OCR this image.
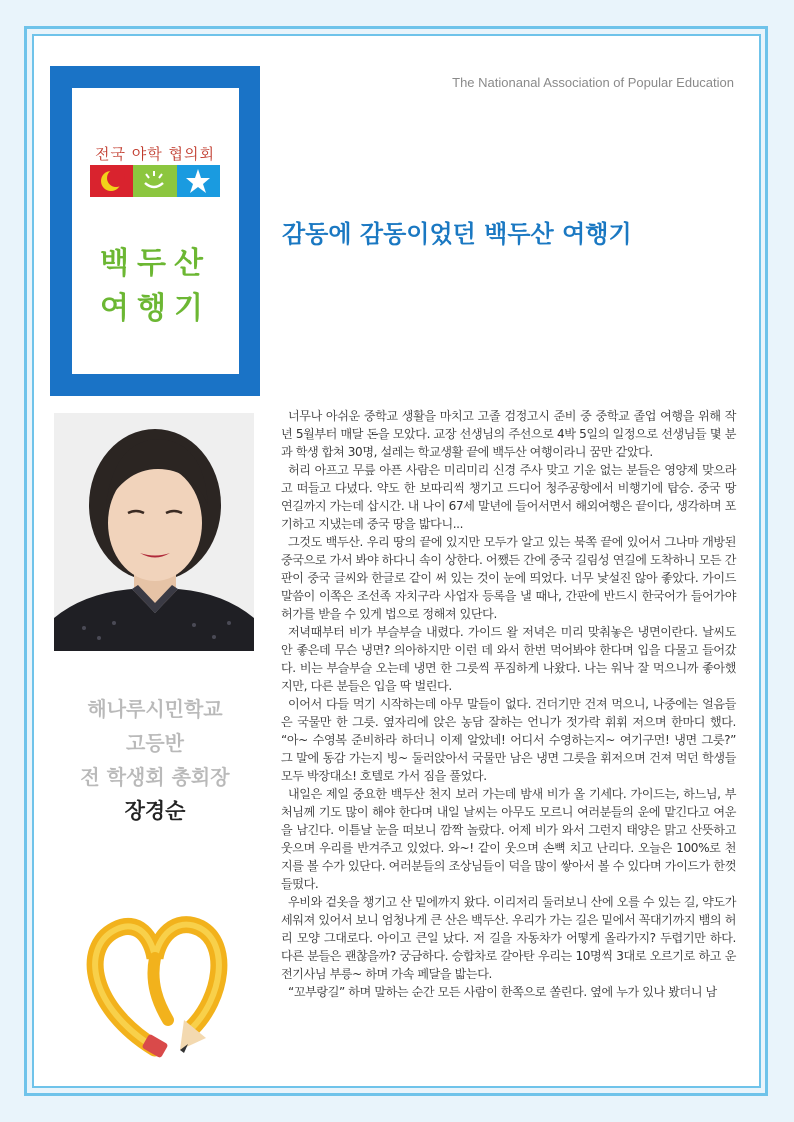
The Nationanal Association of Popular Education
전국 야학 협의회
백두산
여행기
감동에 감동이었던 백두산 여행기
해나루시민학교
고등반
전 학생회 총회장
장경순

너무나 아쉬운 중학교 생활을 마치고 고졸 검정고시 준비 중 중학교 졸업 여행을 위해 작년 5월부터 매달 돈을 모았다. 교장 선생님의 주선으로 4박 5일의 일정으로 선생님들 몇 분과 학생 합쳐 30명, 설레는 학교생활 끝에 백두산 여행이라니 꿈만 같았다.

허리 아프고 무릎 아픈 사람은 미리미리 신경 주사 맞고 기운 없는 분들은 영양제 맞으라고 떠들고 다녔다. 약도 한 보따리씩 챙기고 드디어 청주공항에서 비행기에 탑승. 중국 땅 연길까지 가는데 삽시간. 내 나이 67세 말년에 들어서면서 해외여행은 끝이다, 생각하며 포기하고 지냈는데 중국 땅을 밟다니...

그것도 백두산. 우리 땅의 끝에 있지만 모두가 알고 있는 북쪽 끝에 있어서 그나마 개방된 중국으로 가서 봐야 하다니 속이 상한다. 어쨌든 간에 중국 길림성 연길에 도착하니 모든 간판이 중국 글씨와 한글로 같이 써 있는 것이 눈에 띄었다. 너무 낯설진 않아 좋았다. 가이드 말씀이 이쪽은 조선족 자치구라 사업자 등록을 낼 때나, 간판에 반드시 한국어가 들어가야 허가를 받을 수 있게 법으로 정해져 있단다.

저녁때부터 비가 부슬부슬 내렸다. 가이드 왈 저녁은 미리 맞춰놓은 냉면이란다. 날씨도 안 좋은데 무슨 냉면? 의아하지만 이런 데 와서 한번 먹어봐야 한다며 입을 다물고 들어갔다. 비는 부슬부슬 오는데 냉면 한 그릇씩 푸짐하게 나왔다. 나는 워낙 잘 먹으니까 좋아했지만, 다른 분들은 입을 딱 벌린다.

이어서 다들 먹기 시작하는데 아무 말들이 없다. 건더기만 건져 먹으니, 나중에는 얼음들은 국물만 한 그릇. 옆자리에 앉은 농담 잘하는 언니가 젓가락 휘휘 저으며 한마디 했다. “아~ 수영복 준비하라 하더니 이제 알았네! 어디서 수영하는지~ 여기구먼! 냉면 그릇?” 그 말에 동감 가는지 빙~ 둘러앉아서 국물만 남은 냉면 그릇을 휘저으며 건져 먹던 학생들 모두 박장대소! 호텔로 가서 짐을 풀었다.

내일은 제일 중요한 백두산 천지 보러 가는데 밤새 비가 올 기세다. 가이드는, 하느님, 부처님께 기도 많이 해야 한다며 내일 날씨는 아무도 모르니 여러분들의 운에 맡긴다고 여운을 남긴다. 이튿날 눈을 떠보니 깜짝 놀랐다. 어제 비가 와서 그런지 태양은 맑고 산뜻하고 웃으며 우리를 반겨주고 있었다. 와~! 같이 웃으며 손뼉 치고 난리다. 오늘은 100%로 천지를 볼 수가 있단다. 여러분들의 조상님들이 덕을 많이 쌓아서 볼 수 있다며 가이드가 한껏 들떴다.

우비와 겉옷을 챙기고 산 밑에까지 왔다. 이리저리 둘러보니 산에 오를 수 있는 길, 약도가 세워져 있어서 보니 엄청나게 큰 산은 백두산. 우리가 가는 길은 밑에서 꼭대기까지 뱀의 허리 모양 그대로다. 아이고 큰일 났다. 저 길을 자동차가 어떻게 올라가지? 두렵기만 하다. 다른 분들은 괜찮을까? 궁금하다. 승합차로 갈아탄 우리는 10명씩 3대로 오르기로 하고 운전기사님 부릉~ 하며 가속 페달을 밟는다.

“꼬부랑길” 하며 말하는 순간 모든 사람이 한쪽으로 쏠린다. 옆에 누가 있나 봤더니 남
